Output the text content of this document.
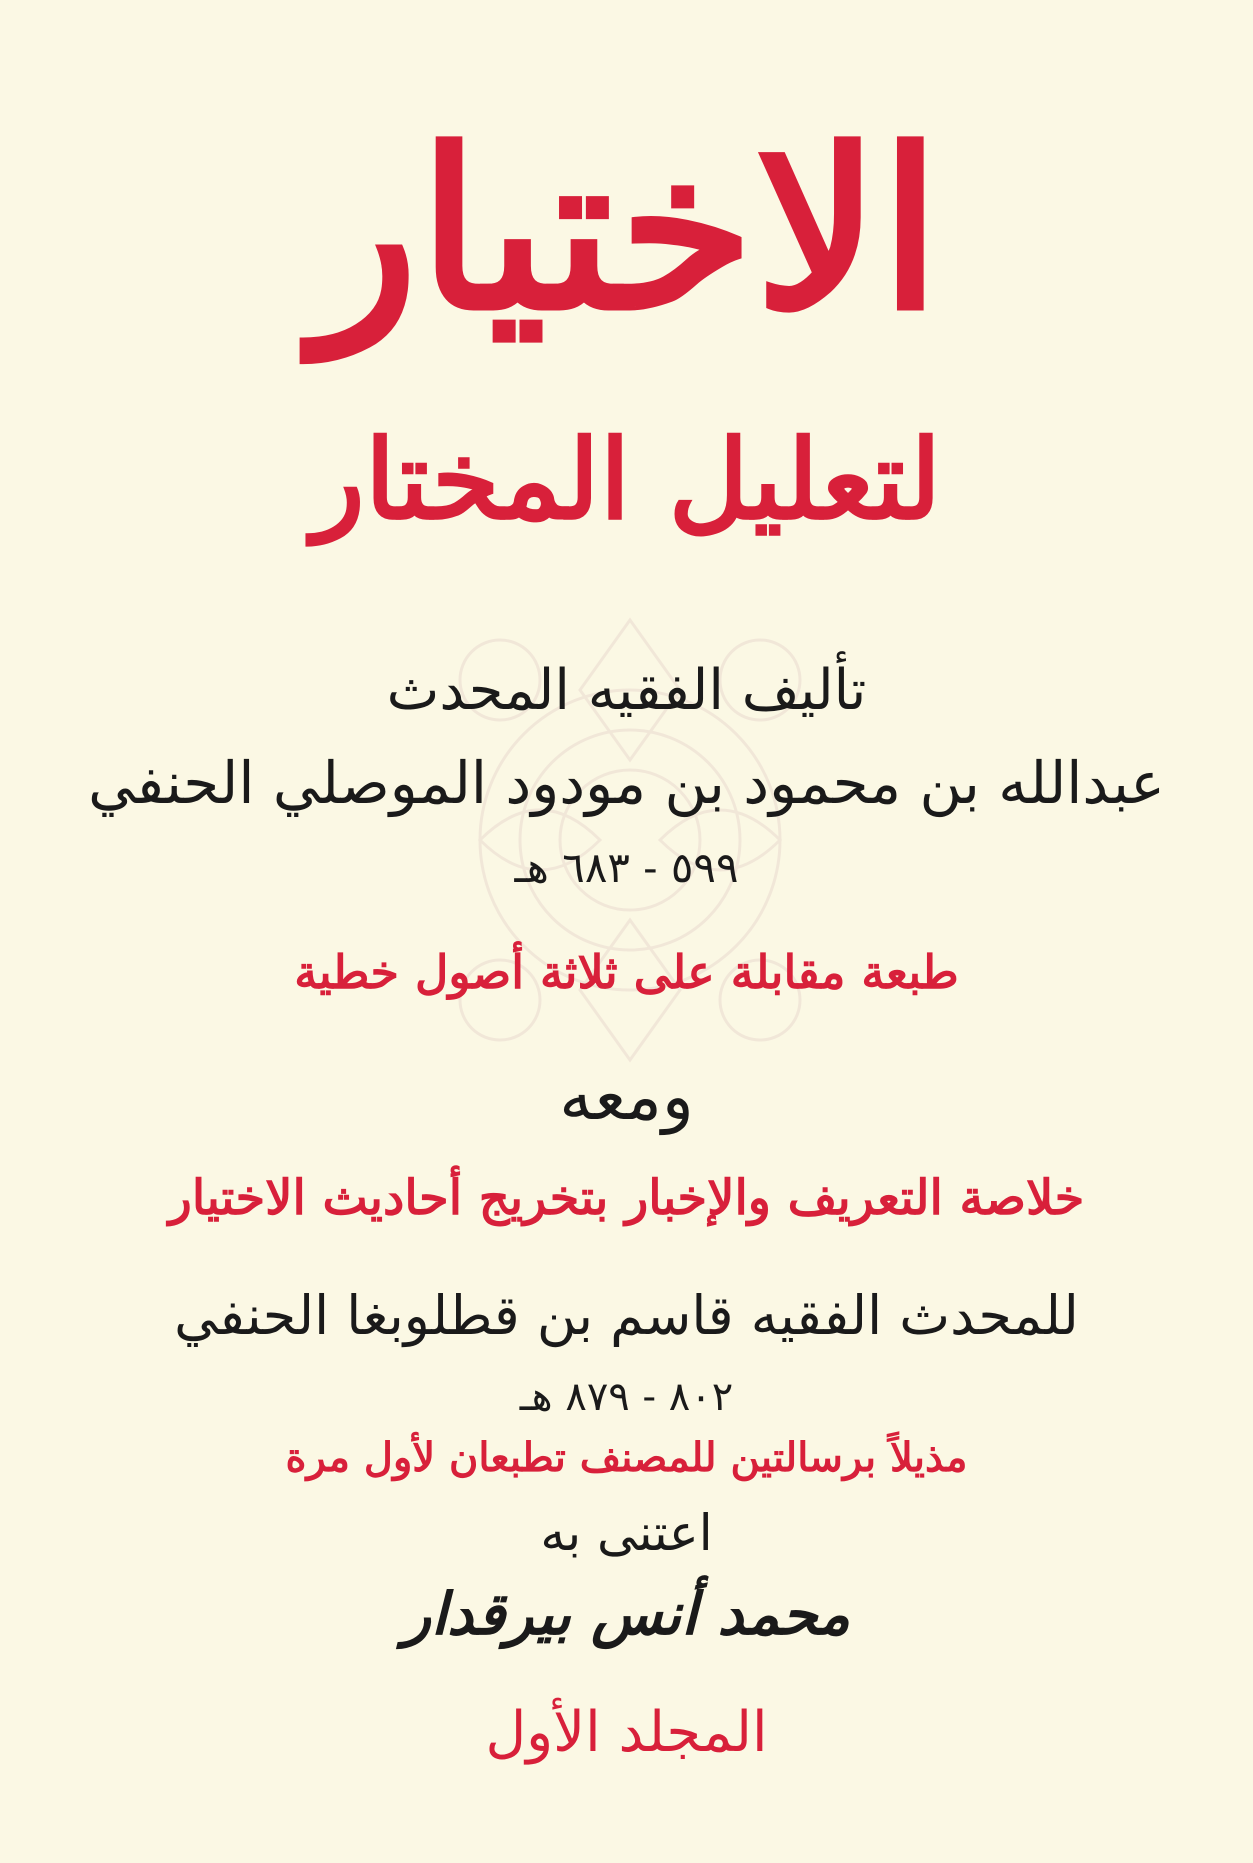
الاختيار
لتعليل المختار
تأليف الفقيه المحدث
عبدالله بن محمود بن مودود الموصلي الحنفي
٥٩٩ - ٦٨٣ هـ
طبعة مقابلة على ثلاثة أصول خطية
ومعه
خلاصة التعريف والإخبار بتخريج أحاديث الاختيار
للمحدث الفقيه قاسم بن قطلوبغا الحنفي
٨٠٢ - ٨٧٩ هـ
مذيلاً برسالتين للمصنف تطبعان لأول مرة
اعتنى به
محمد أنس بيرقدار
المجلد الأول
